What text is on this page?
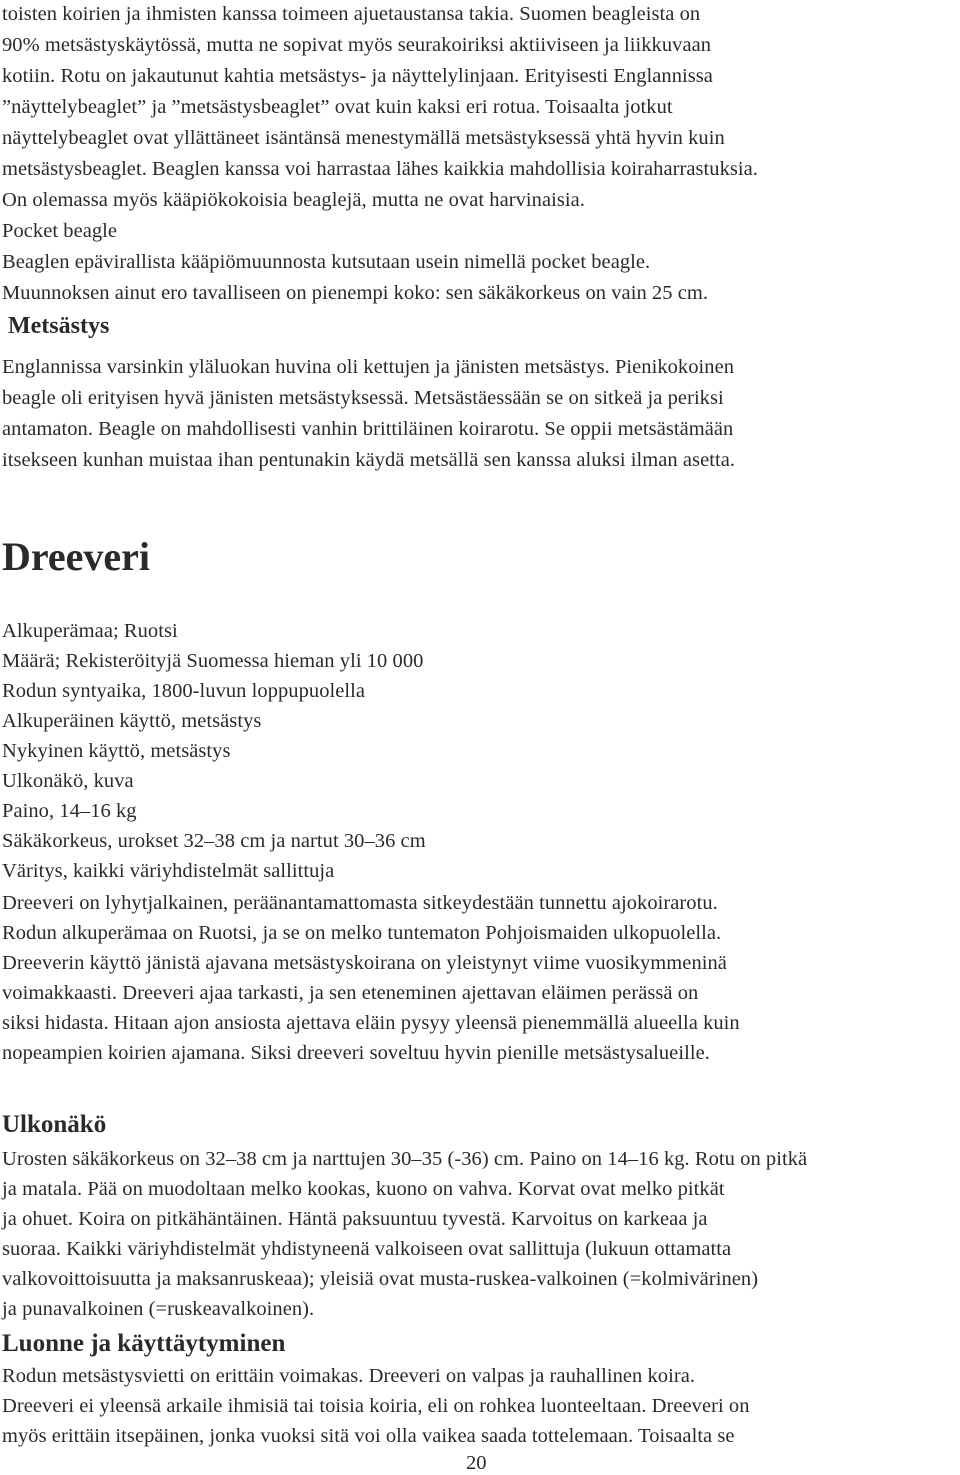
toisten koirien ja ihmisten kanssa toimeen ajuetaustansa takia. Suomen beagleista on
90% metsästyskäytössä, mutta ne sopivat myös seurakoiriksi aktiiviseen ja liikkuvaan
kotiin. Rotu on jakautunut kahtia metsästys- ja näyttelylinjaan. Erityisesti Englannissa
”näyttelybeaglet” ja ”metsästysbeaglet” ovat kuin kaksi eri rotua. Toisaalta jotkut
näyttelybeaglet ovat yllättäneet isäntänsä menestymällä metsästyksessä yhtä hyvin kuin
metsästysbeaglet. Beaglen kanssa voi harrastaa lähes kaikkia mahdollisia koiraharrastuksia.
On olemassa myös kääpiökokoisia beaglejä, mutta ne ovat harvinaisia.
Pocket beagle
Beaglen epävirallista kääpiömuunnosta kutsutaan usein nimellä pocket beagle.
Muunnoksen ainut ero tavalliseen on pienempi koko: sen säkäkorkeus on vain 25 cm.
Metsästys
Englannissa varsinkin yläluokan huvina oli kettujen ja jänisten metsästys. Pienikokoinen
beagle oli erityisen hyvä jänisten metsästyksessä. Metsästäessään se on sitkeä ja periksi
antamaton. Beagle on mahdollisesti vanhin brittiläinen koirarotu. Se oppii metsästämään
itsekseen kunhan muistaa ihan pentunakin käydä metsällä sen kanssa aluksi ilman asetta.
Dreeveri
Alkuperämaa; Ruotsi
Määrä; Rekisteröityjä Suomessa hieman yli 10 000
Rodun syntyaika, 1800-luvun loppupuolella
Alkuperäinen käyttö, metsästys
Nykyinen käyttö, metsästys
Ulkonäkö, kuva
Paino, 14–16 kg
Säkäkorkeus, urokset 32–38 cm ja nartut 30–36 cm
Väritys, kaikki väriyhdistelmät sallittuja
Dreeveri on lyhytjalkainen, peräänantamattomasta sitkeydestään tunnettu ajokoirarotu.
Rodun alkuperämaa on Ruotsi, ja se on melko tuntematon Pohjoismaiden ulkopuolella.
Dreeverin käyttö jänistä ajavana metsästyskoirana on yleistynyt viime vuosikymmeninä
voimakkaasti. Dreeveri ajaa tarkasti, ja sen eteneminen ajettavan eläimen perässä on
siksi hidasta. Hitaan ajon ansiosta ajettava eläin pysyy yleensä pienemmällä alueella kuin
nopeampien koirien ajamana. Siksi dreeveri soveltuu hyvin pienille metsästysalueille.
Ulkonäkö
Urosten säkäkorkeus on 32–38 cm ja narttujen 30–35 (-36) cm. Paino on 14–16 kg. Rotu on pitkä
ja matala. Pää on muodoltaan melko kookas, kuono on vahva. Korvat ovat melko pitkät
ja ohuet. Koira on pitkähäntäinen. Häntä paksuuntuu tyvestä. Karvoitus on karkeaa ja
suoraa. Kaikki väriyhdistelmät yhdistyneenä valkoiseen ovat sallittuja (lukuun ottamatta
valkovoittoisuutta ja maksanruskeaa); yleisiä ovat musta-ruskea-valkoinen (=kolmivärinen)
ja punavalkoinen (=ruskeavalkoinen).
Luonne ja käyttäytyminen
Rodun metsästysvietti on erittäin voimakas. Dreeveri on valpas ja rauhallinen koira.
Dreeveri ei yleensä arkaile ihmisiä tai toisia koiria, eli on rohkea luonteeltaan. Dreeveri on
myös erittäin itsepäinen, jonka vuoksi sitä voi olla vaikea saada tottelemaan. Toisaalta se
20
